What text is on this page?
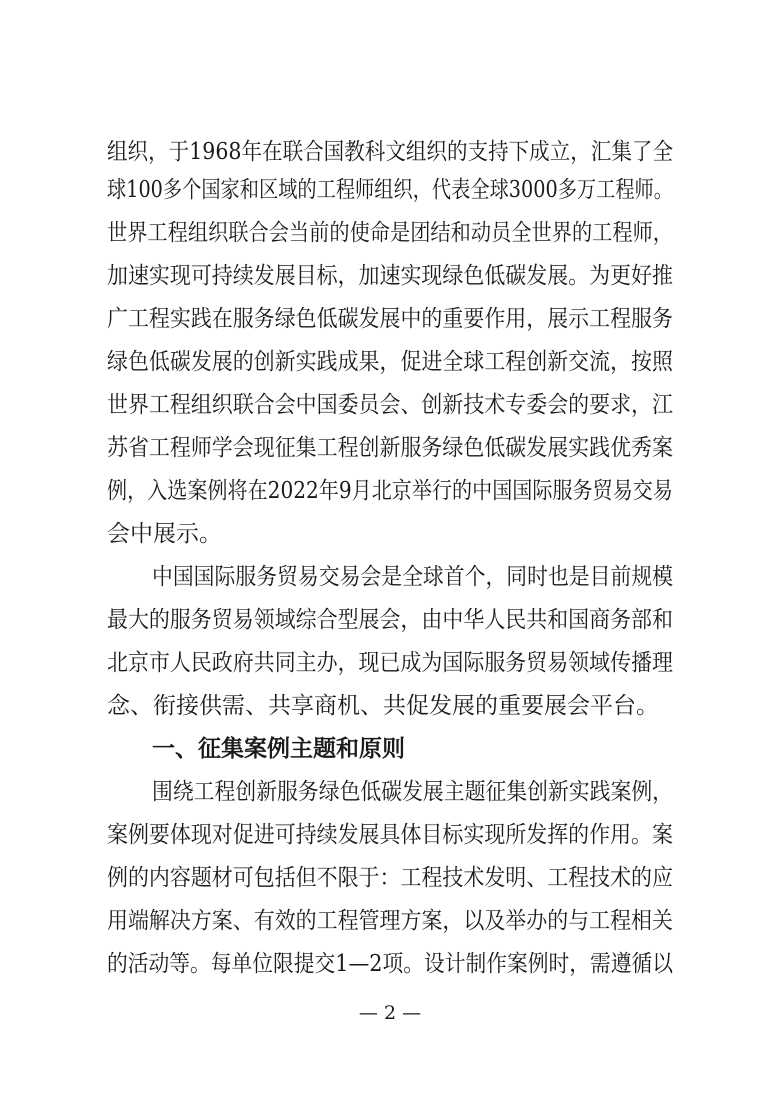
组织，于1968年在联合国教科文组织的支持下成立，汇集了全
球100多个国家和区域的工程师组织，代表全球3000多万工程师。
世界工程组织联合会当前的使命是团结和动员全世界的工程师，
加速实现可持续发展目标，加速实现绿色低碳发展。为更好推
广工程实践在服务绿色低碳发展中的重要作用，展示工程服务
绿色低碳发展的创新实践成果，促进全球工程创新交流，按照
世界工程组织联合会中国委员会、创新技术专委会的要求，江
苏省工程师学会现征集工程创新服务绿色低碳发展实践优秀案
例，入选案例将在2022年9月北京举行的中国国际服务贸易交易
会中展示。
中国国际服务贸易交易会是全球首个，同时也是目前规模
最大的服务贸易领域综合型展会，由中华人民共和国商务部和
北京市人民政府共同主办，现已成为国际服务贸易领域传播理
念、衔接供需、共享商机、共促发展的重要展会平台。
一、征集案例主题和原则
围绕工程创新服务绿色低碳发展主题征集创新实践案例，
案例要体现对促进可持续发展具体目标实现所发挥的作用。案
例的内容题材可包括但不限于：工程技术发明、工程技术的应
用端解决方案、有效的工程管理方案，以及举办的与工程相关
的活动等。每单位限提交1—2项。设计制作案例时，需遵循以
— 2 —
